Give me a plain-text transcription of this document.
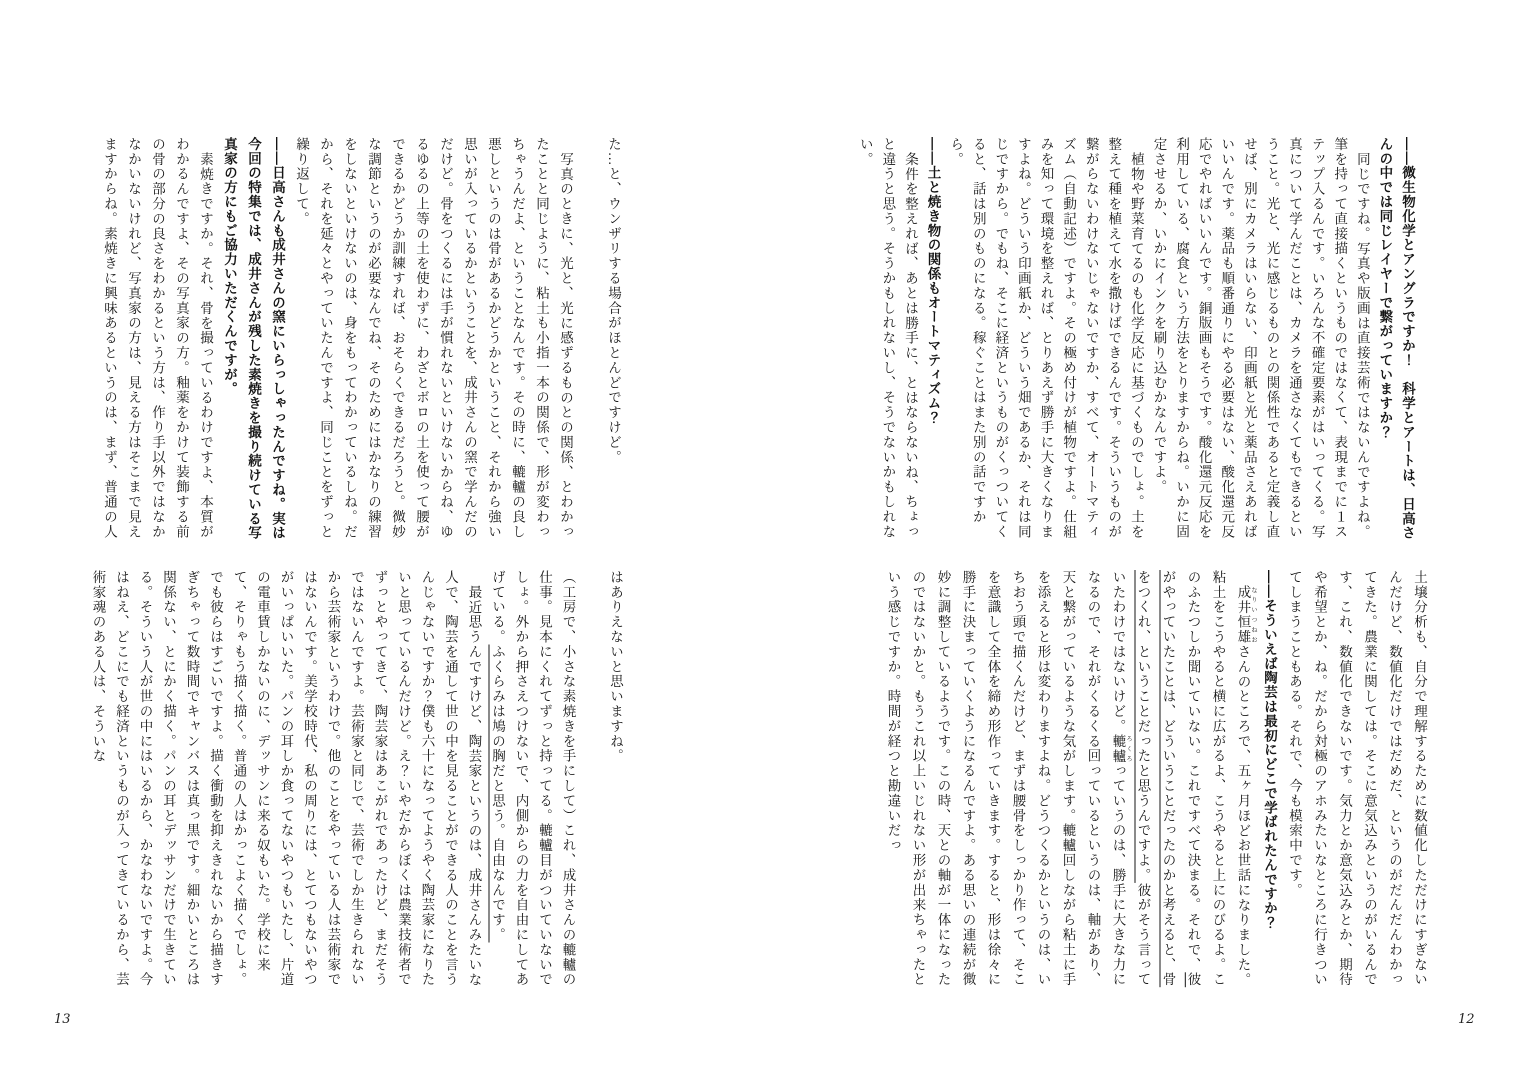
――微生物化学とアングラですか！　科学とアートは、日高さんの中では同じレイヤーで繋がっていますか？

同じですね。写真や版画は直接芸術ではないんですよね。筆を持って直接描くというものではなくて、表現までに１ステップ入るんです。いろんな不確定要素がはいってくる。写真について学んだことは、カメラを通さなくてもできるということ。光と、光に感じるものとの関係性であると定義し直せば、別にカメラはいらない、印画紙と光と薬品さえあればいいんです。薬品も順番通りにやる必要はない、酸化還元反応でやればいいんです。銅版画もそうです。酸化還元反応を利用している、腐食という方法をとりますからね。いかに固定させるか、いかにインクを刷り込むかなんですよ。

植物や野菜育てるのも化学反応に基づくものでしょ。土を整えて種を植えて水を撒けばできるんです。そういうものが繋がらないわけないじゃないですか、すべて、オートマティズム（自動記述）ですよ。その極め付けが植物ですよ。仕組みを知って環境を整えれば、とりあえず勝手に大きくなりますよね。どういう印画紙か、どういう畑であるか、それは同じですから。でもね、そこに経済というものがくっついてくると、話は別のものになる。稼ぐことはまた別の話ですから。

――土と焼き物の関係もオートマティズム？

条件を整えれば、あとは勝手に、とはならないね、ちょっと違うと思う。そうかもしれないし、そうでないかもしれない。

土壌分析も、自分で理解するために数値化しただけにすぎないんだけど、数値化だけではだめだ、というのがだんだんわかってきた。農業に関しては。そこに意気込みというのがいるんです、これ、数値化できないです。気力とか意気込みとか、期待や希望とか、ね。だから対極のアホみたいなところに行きついてしまうこともある。それで、今も模索中です。

――そういえば陶芸は最初にどこで学ばれたんですか？

成井恒雄 なりいつねおさんのところで、五ヶ月ほどお世話になりました。粘土をこうやると横に広がるよ、こうやると上にのびるよ。このふたつしか聞いていない。これですべて決まる。それで、彼がやっていたことは、どういうことだったのかと考えると、骨をつくれ、ということだったと思うんですよ。彼がそう言っていたわけではないけど。轆轤 ろくろっていうのは、勝手に大きな力になるので、それがくるくる回っているというのは、軸があり、天と繋がっているような気がします。轆轤回しながら粘土に手を添えると形は変わりますよね。どうつくるかというのは、いちおう頭で描くんだけど、まずは腰骨をしっかり作って、そこを意識して全体を締め形作っていきます。すると、形は徐々に勝手に決まっていくようになるんですよ。ある思いの連続が微妙に調整しているようです。この時、天との軸が一体になったのではないかと。もうこれ以上いじれない形が出来ちゃったという感じですか。時間が経つと勘違いだっ

た…と、ウンザリする場合がほとんどですけど。

写真のときに、光と、光に感ずるものとの関係、とわかったことと同じように、粘土も小指一本の関係で、形が変わっちゃうんだよ、ということなんです。その時に、轆轤の良し悪しというのは骨があるかどうかということ、それから強い思いが入っているかということを、成井さんの窯で学んだのだけど。骨をつくるには手が慣れないといけないからね、ゆるゆるの上等の土を使わずに、わざとボロの土を使って腰ができるかどうか訓練すれば、おそらくできるだろうと。微妙な調節というのが必要なんでね、そのためにはかなりの練習をしないといけないのは、身をもってわかっているしね。だから、それを延々とやっていたんですよ、同じことをずっと繰り返して。

――日高さんも成井さんの窯にいらっしゃったんですね。実は今回の特集では、成井さんが残した素焼きを撮り続けている写真家の方にもご協力いただくんですが。

素焼きですか。それ、骨を撮っているわけですよ、本質がわかるんですよ、その写真家の方。釉薬をかけて装飾する前の骨の部分の良さをわかるという方は、作り手以外ではなかなかいないけれど、写真家の方は、見える方はそこまで見えますからね。素焼きに興味あるというのは、まず、普通の人

はありえないと思いますね。

（工房で、小さな素焼きを手にして）これ、成井さんの轆轤の仕事。見本にくれてずっと持ってる。轆轤目がついていないでしょ。外から押さえつけないで、内側からの力を自由にしてあげている。ふくらみは鳩の胸だと思う。自由なんです。

最近思うんですけど、陶芸家というのは、成井さんみたいな人で、陶芸を通して世の中を見ることができる人のことを言うんじゃないですか？僕も六十になってようやく陶芸家になりたいと思っているんだけど。え？いやだからぼくは農業技術者でずっとやってきて、陶芸家はあこがれであったけど、まだそうではないんですよ。芸術家と同じで、芸術でしか生きられないから芸術家というわけで。他のことをやっている人は芸術家ではないんです。美学校時代、私の周りには、とてつもないやつがいっぱいいた。パンの耳しか食ってないやつもいたし、片道の電車賃しかないのに、デッサンに来る奴もいた。学校に来て、そりゃもう描く描く。普通の人はかっこよく描くでしょ。でも彼らはすごいですよ。描く衝動を抑えきれないから描きすぎちゃって数時間でキャンバスは真っ黒です。細かいところは関係ない、とにかく描く。パンの耳とデッサンだけで生きている。そういう人が世の中にはいるから、かなわないですよ。今はねえ、どこにでも経済というものが入ってきているから、芸術家魂のある人は、そういな

13	12
